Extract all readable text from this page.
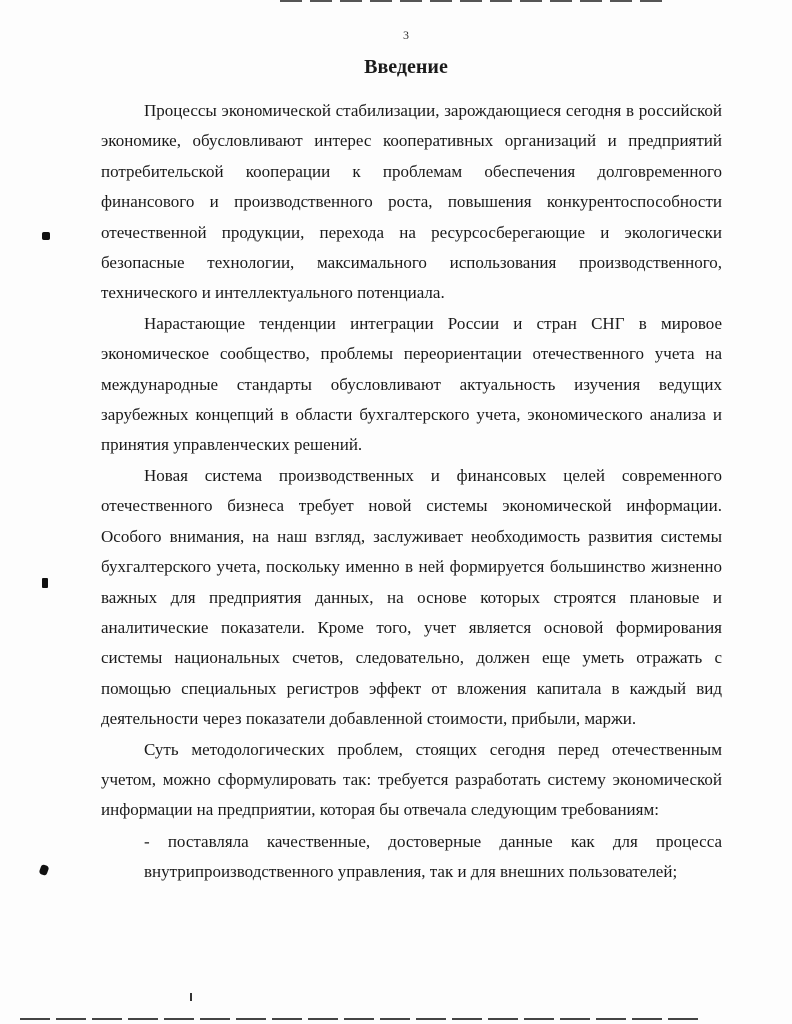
3
Введение

Процессы экономической стабилизации, зарождающиеся сегодня в российской экономике, обусловливают интерес кооперативных организаций и предприятий потребительской кооперации к проблемам обеспечения долговременного финансового и производственного роста, повышения конкурентоспособности отечественной продукции, перехода на ресурсосберегающие и экологически безопасные технологии, максимального использования производственного, технического и интеллектуального потенциала.

Нарастающие тенденции интеграции России и стран СНГ в мировое экономическое сообщество, проблемы переориентации отечественного учета на международные стандарты обусловливают актуальность изучения ведущих зарубежных концепций в области бухгалтерского учета, экономического анализа и принятия управленческих решений.

Новая система производственных и финансовых целей современного отечественного бизнеса требует новой системы экономической информации. Особого внимания, на наш взгляд, заслуживает необходимость развития системы бухгалтерского учета, поскольку именно в ней формируется большинство жизненно важных для предприятия данных, на основе которых строятся плановые и аналитические показатели. Кроме того, учет является основой формирования системы национальных счетов, следовательно, должен еще уметь отражать с помощью специальных регистров эффект от вложения капитала в каждый вид деятельности через показатели добавленной стоимости, прибыли, маржи.

Суть методологических проблем, стоящих сегодня перед отечественным учетом, можно сформулировать так: требуется разработать систему экономической информации на предприятии, которая бы отвечала следующим требованиям:

- поставляла качественные, достоверные данные как для процесса внутрипроизводственного управления, так и для внешних пользователей;
